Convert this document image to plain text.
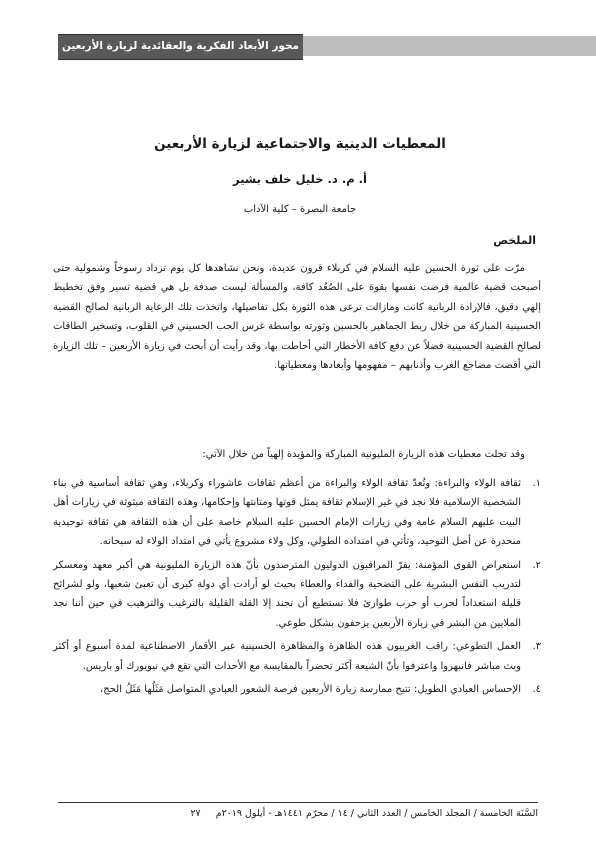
محور الأبعاد الفكرية والعقائدية لزيارة الأربعين
المعطيات الدينية والاجتماعية لزيارة الأربعين
أ. م. د. خليل خلف بشير
جامعة البصرة – كلية الآداب
الملخص

مرّت على ثورة الحسين عليه السلام في كربلاء قرون عديدة، ونحن نشاهدها كل يوم تزداد رسوخاً وشمولية حتى أصبحت قضية عالمية فرضت نفسها بقوة على الصُعُد كافة، والمسألة ليست صدفة بل هي قضية تسير وفق تخطيط إلهي دقيق، فالإرادة الربانية كانت ومازالت ترعى هذه الثورة بكل تفاصيلها، واتخذت تلك الرعاية الربانية لصالح القضية الحسينية المباركة من خلال ربط الجماهير بالحسين وثورته بواسطة غرس الحب الحسيني في القلوب، وتسخير الطاقات لصالح القضية الحسينية فضلاً عن دفع كافة الأخطار التي أحاطت بها، وقد رأيت أن أبحث في زيارة الأربعين – تلك الزيارة التي أقضت مضاجع الغرب وأذنابهم – مفهومها وأبعادها ومعطياتها.

وقد تجلت معطيات هذه الزيارة المليونية المباركة والمؤيدة إلهياً من خلال الآتي:

١.
ثقافة الولاء والبراءة: وتُعدّ ثقافة الولاء والبراءة من أعظم ثقافات عاشوراء وكربلاء، وهي ثقافة أساسية في بناء الشخصية الإسلامية فلا نجد في غير الإسلام ثقافة يمثل قوتها ومتانتها وإحكامها، وهذه الثقافة مبثوثة في زيارات أهل البيت عليهم السلام عامة وفي زيارات الإمام الحسين عليه السلام خاصة على أن هذه الثقافة هي ثقافة توحيدية منحدرة عن أصل التوحيد، وتأتي في امتداده الطولي، وكل ولاء مشروع يأتي في امتداد الولاء له سبحانه.
٢.
استعراض القوى المؤمنة: يقرّ المراقبون الدوليون المترصدون بأنّ هذه الزيارة المليونية هي أكبر معهد ومعسكر لتدريب النفس البشرية على التضحية والفداء والعطاء بحيث لو أرادت أي دولة كبرى أن تعبئ شعبها، ولو لشرائح قليلة استعداداً لحرب أو حرب طوارئ فلا تستطيع أن تجند إلا القلة القليلة بالترغيب والترهيب في حين أننا نجد الملايين من البشر في زيارة الأربعين يزحفون بشكل طوعي.
٣.
العمل التطوعي: راقب الغربيون هذه الظاهرة والمظاهرة الحسينية عبر الأقمار الاصطناعية لمدة أسبوع أو أكثر وبث مباشر فانبهروا واعترفوا بأنّ الشيعة أكثر تحضراً بالمقايسة مع الأحداث التي تقع في نيويورك أو باريس.
٤.
الإحساس العبادي الطويل: تتيح ممارسة زيارة الأربعين فرصة الشعور العبادي المتواصل مَثَلُها مَثَلُ الحج،
السَّنَة الخامسة / المجلد الخامس / العدد الثاني / ١٤ / محرّم ١٤٤١هـ - أيلول ٢٠١٩م     ٢٧
